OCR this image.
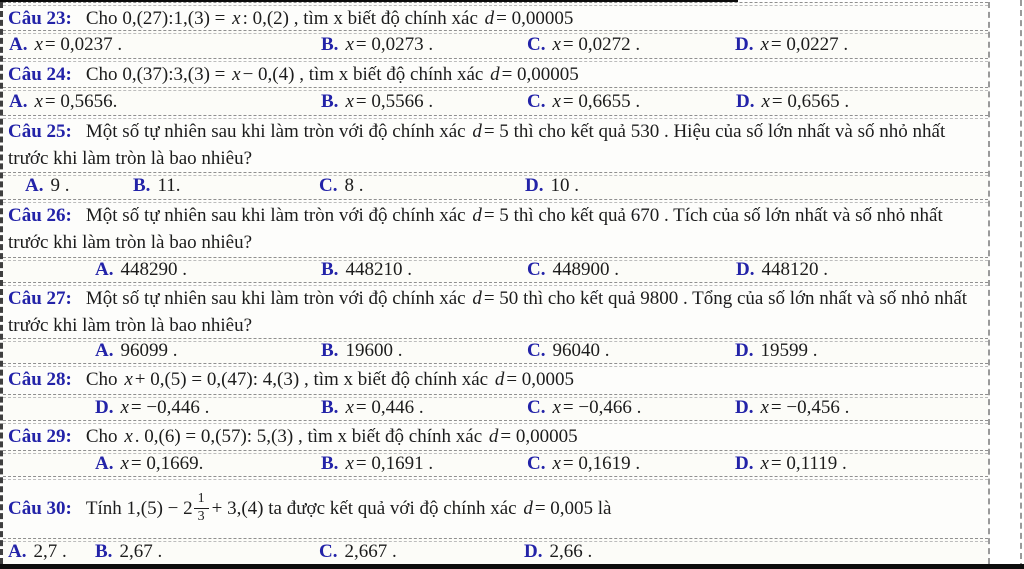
Câu 23: Cho 0,(27):1,(3) = x : 0,(2) , tìm x biết độ chính xác d = 0,00005
A. x = 0,0237 .	B. x = 0,0273 .	C. x = 0,0272 .	D. x = 0,0227 .
Câu 24: Cho 0,(37):3,(3) = x − 0,(4) , tìm x biết độ chính xác d = 0,00005
A. x = 0,5656.	B. x = 0,5566 .	C. x = 0,6655 .	D. x = 0,6565 .
Câu 25: Một số tự nhiên sau khi làm tròn với độ chính xác d = 5 thì cho kết quả 530 . Hiệu của số lớn nhất và số nhỏ nhất trước khi làm tròn là bao nhiêu?
A. 9 .	B. 11.	C. 8 .	D. 10 .
Câu 26: Một số tự nhiên sau khi làm tròn với độ chính xác d = 5 thì cho kết quả 670 . Tích của số lớn nhất và số nhỏ nhất trước khi làm tròn là bao nhiêu?
A. 448290 .	B. 448210 .	C. 448900 .	D. 448120 .
Câu 27: Một số tự nhiên sau khi làm tròn với độ chính xác d = 50 thì cho kết quả 9800 . Tổng của số lớn nhất và số nhỏ nhất trước khi làm tròn là bao nhiêu?
A. 96099 .	B. 19600 .	C. 96040 .	D. 19599 .
Câu 28: Cho x + 0,(5) = 0,(47): 4,(3) , tìm x biết độ chính xác d = 0,0005
D. x = −0,446 .	B. x = 0,446 .	C. x = −0,466 .	D. x = −0,456 .
Câu 29: Cho x . 0,(6) = 0,(57): 5,(3) , tìm x biết độ chính xác d = 0,00005
A. x = 0,1669.	B. x = 0,1691 .	C. x = 0,1619 .	D. x = 0,1119 .
Câu 30: Tính $1,(5) - 2 \frac{1}{3} + 3,(4)$ ta được kết quả với độ chính xác d = 0,005 là
A. 2,7 . B. 2,67 .	C. 2,667 .	D. 2,66 .
